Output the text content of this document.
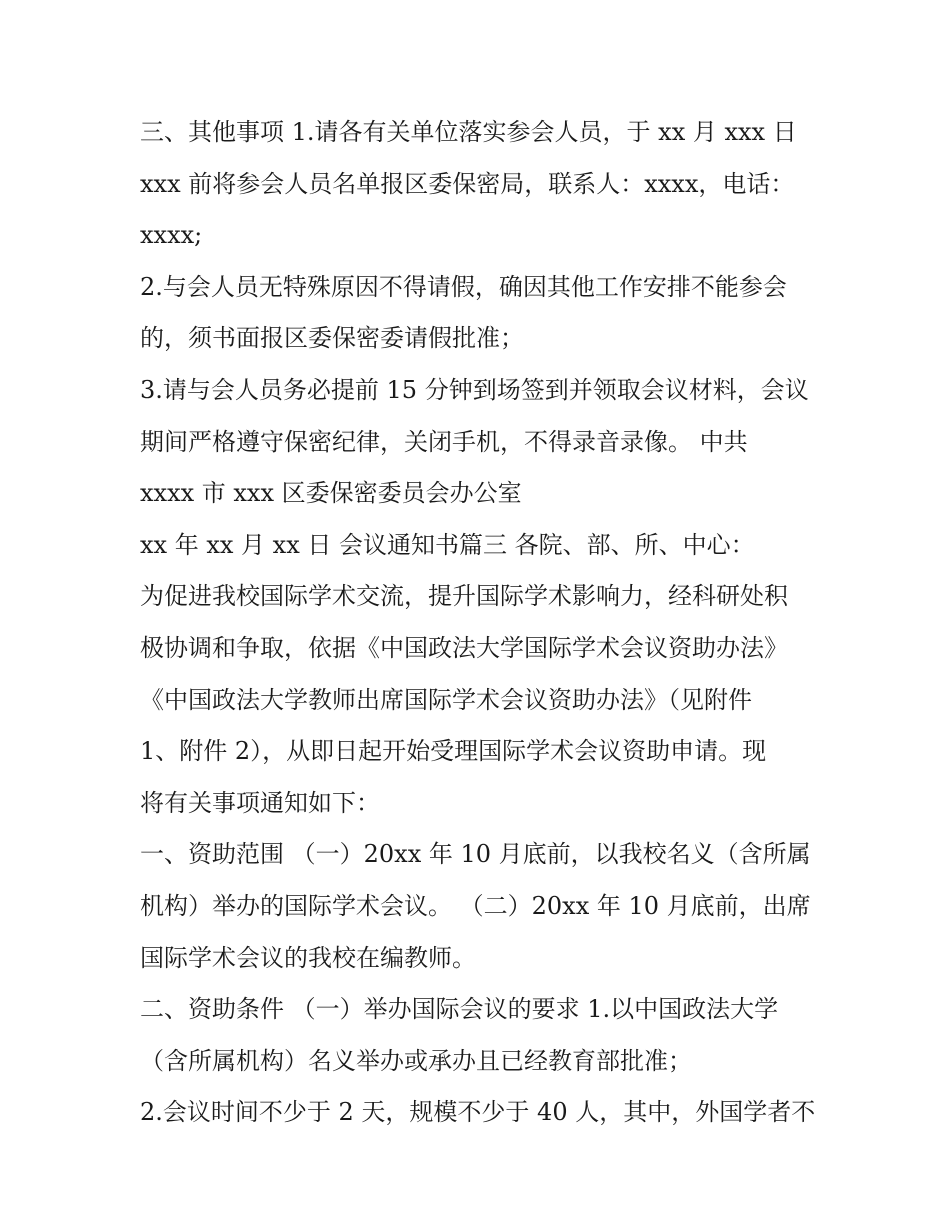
三、其他事项 1.请各有关单位落实参会人员，于 xx 月 xxx 日
xxx 前将参会人员名单报区委保密局，联系人：xxxx，电话：
xxxx;
2.与会人员无特殊原因不得请假，确因其他工作安排不能参会
的，须书面报区委保密委请假批准；
3.请与会人员务必提前 15 分钟到场签到并领取会议材料，会议
期间严格遵守保密纪律，关闭手机，不得录音录像。 中共
xxxx 市 xxx 区委保密委员会办公室
xx 年 xx 月 xx 日 会议通知书篇三 各院、部、所、中心：
为促进我校国际学术交流，提升国际学术影响力，经科研处积
极协调和争取，依据《中国政法大学国际学术会议资助办法》
《中国政法大学教师出席国际学术会议资助办法》（见附件
1、附件 2），从即日起开始受理国际学术会议资助申请。现
将有关事项通知如下：
一、资助范围 （一）20xx 年 10 月底前，以我校名义（含所属
机构）举办的国际学术会议。 （二）20xx 年 10 月底前，出席
国际学术会议的我校在编教师。
二、资助条件 （一）举办国际会议的要求 1.以中国政法大学
（含所属机构）名义举办或承办且已经教育部批准；
2.会议时间不少于 2 天，规模不少于 40 人，其中，外国学者不
